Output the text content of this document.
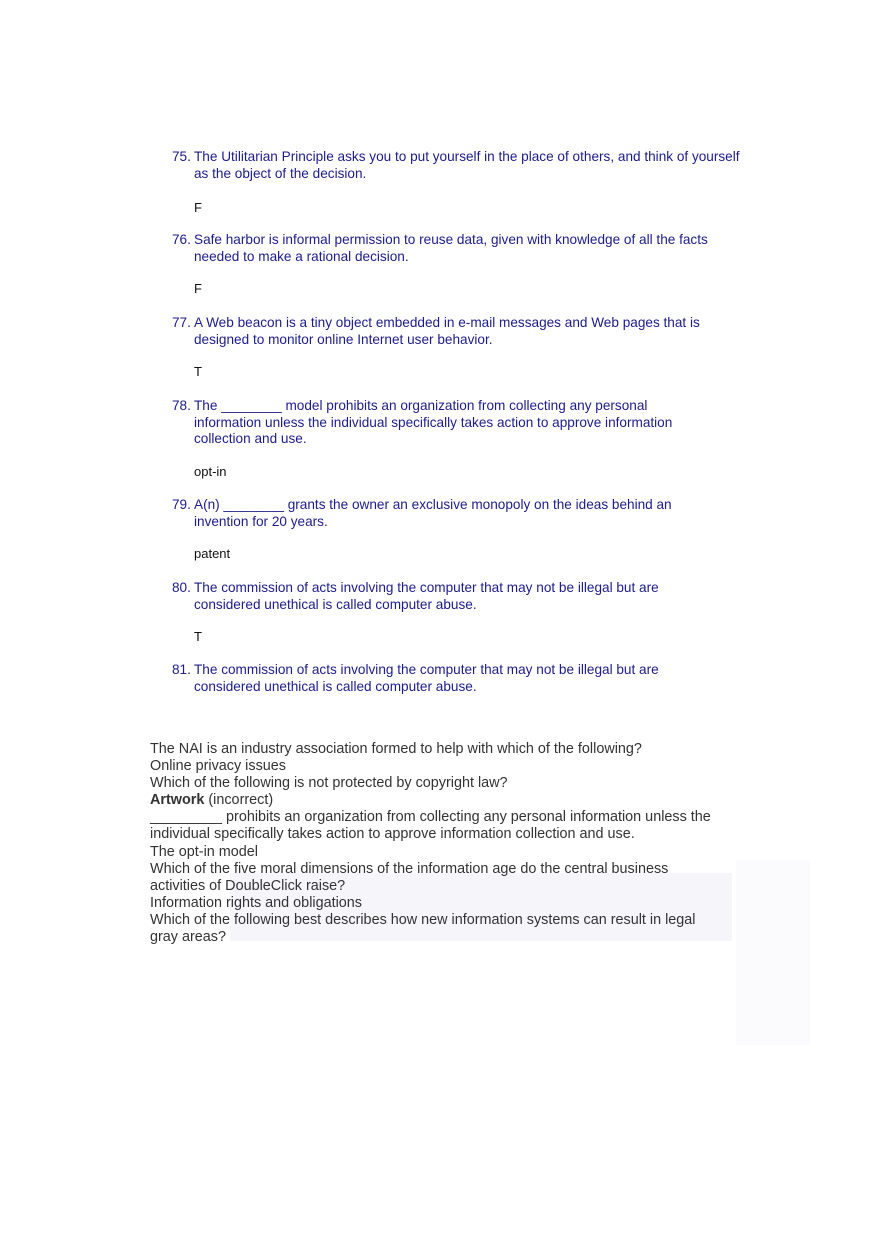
75. The Utilitarian Principle asks you to put yourself in the place of others, and think of yourself as the object of the decision.
F
76. Safe harbor is informal permission to reuse data, given with knowledge of all the facts needed to make a rational decision.
F
77. A Web beacon is a tiny object embedded in e-mail messages and Web pages that is designed to monitor online Internet user behavior.
T
78. The ________ model prohibits an organization from collecting any personal information unless the individual specifically takes action to approve information collection and use.
opt-in
79. A(n) ________ grants the owner an exclusive monopoly on the ideas behind an invention for 20 years.
patent
80. The commission of acts involving the computer that may not be illegal but are considered unethical is called computer abuse.
T
81. The commission of acts involving the computer that may not be illegal but are considered unethical is called computer abuse.
The NAI is an industry association formed to help with which of the following?
Online privacy issues
Which of the following is not protected by copyright law?
Artwork (incorrect)
_________ prohibits an organization from collecting any personal information unless the individual specifically takes action to approve information collection and use.
The opt-in model
Which of the five moral dimensions of the information age do the central business activities of DoubleClick raise?
Information rights and obligations
Which of the following best describes how new information systems can result in legal gray areas?
